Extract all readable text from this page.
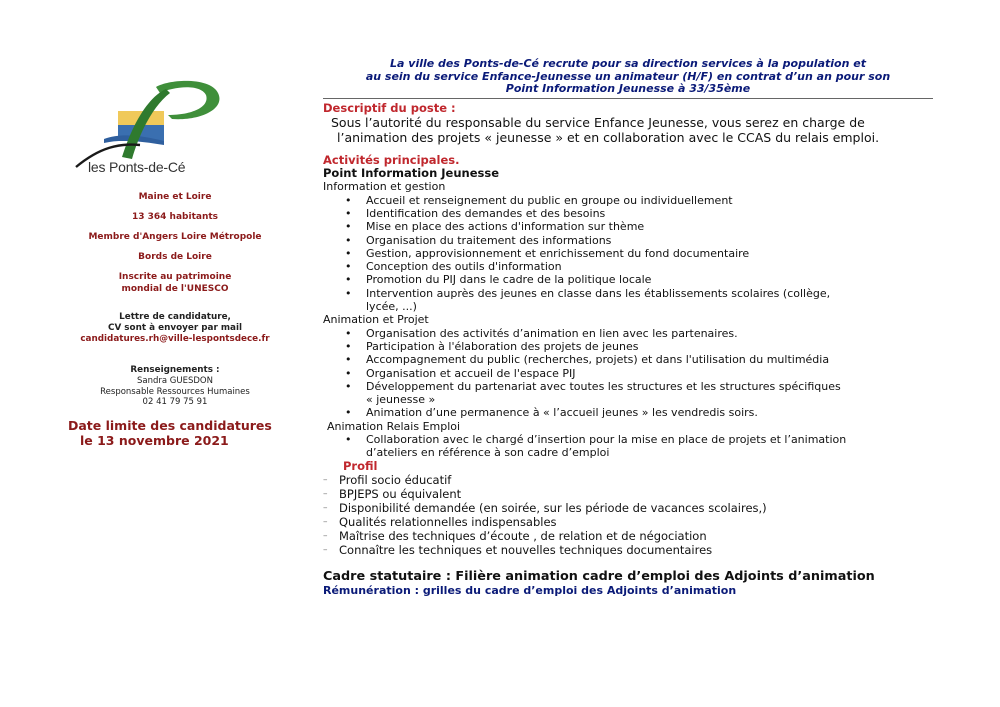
les Ponts-de-Cé
Maine et Loire
13 364 habitants
Membre d'Angers Loire Métropole
Bords de Loire
Inscrite au patrimoine
mondial de l'UNESCO
Lettre de candidature,
CV sont à envoyer par mail
candidatures.rh@ville-lespontsdece.fr
Renseignements :
Sandra GUESDON
Responsable Ressources Humaines
02 41 79 75 91
Date limite des candidatures
le 13 novembre 2021
La ville des Ponts-de-Cé recrute pour sa direction services à la population et
au sein du service Enfance-Jeunesse un animateur (H/F) en contrat d’un an pour son
Point Information Jeunesse à 33/35ème
Descriptif du poste :
Sous l’autorité du responsable du service Enfance Jeunesse, vous serez en charge de
l’animation des projets « jeunesse » et en collaboration avec le CCAS du relais emploi.
Activités principales.
Point Information Jeunesse
Information et gestion
• Accueil et renseignement du public en groupe ou individuellement
• Identification des demandes et des besoins
• Mise en place des actions d'information sur thème
• Organisation du traitement des informations
• Gestion, approvisionnement et enrichissement du fond documentaire
• Conception des outils d'information
• Promotion du PIJ dans le cadre de la politique locale
• Intervention auprès des jeunes en classe dans les établissements scolaires (collège,
lycée, ...)
Animation et Projet
• Organisation des activités d’animation en lien avec les partenaires.
• Participation à l'élaboration des projets de jeunes
• Accompagnement du public (recherches, projets) et dans l'utilisation du multimédia
• Organisation et accueil de l'espace PIJ
• Développement du partenariat avec toutes les structures et les structures spécifiques
« jeunesse »
• Animation d’une permanence à « l’accueil jeunes » les vendredis soirs.
Animation Relais Emploi
• Collaboration avec le chargé d’insertion pour la mise en place de projets et l’animation
d’ateliers en référence à son cadre d’emploi
Profil
– Profil socio éducatif
– BPJEPS ou équivalent
– Disponibilité demandée (en soirée, sur les période de vacances scolaires,)
– Qualités relationnelles indispensables
– Maîtrise des techniques d’écoute , de relation et de négociation
– Connaître les techniques et nouvelles techniques documentaires
Cadre statutaire : Filière animation cadre d’emploi des Adjoints d’animation
Rémunération : grilles du cadre d’emploi des Adjoints d’animation
